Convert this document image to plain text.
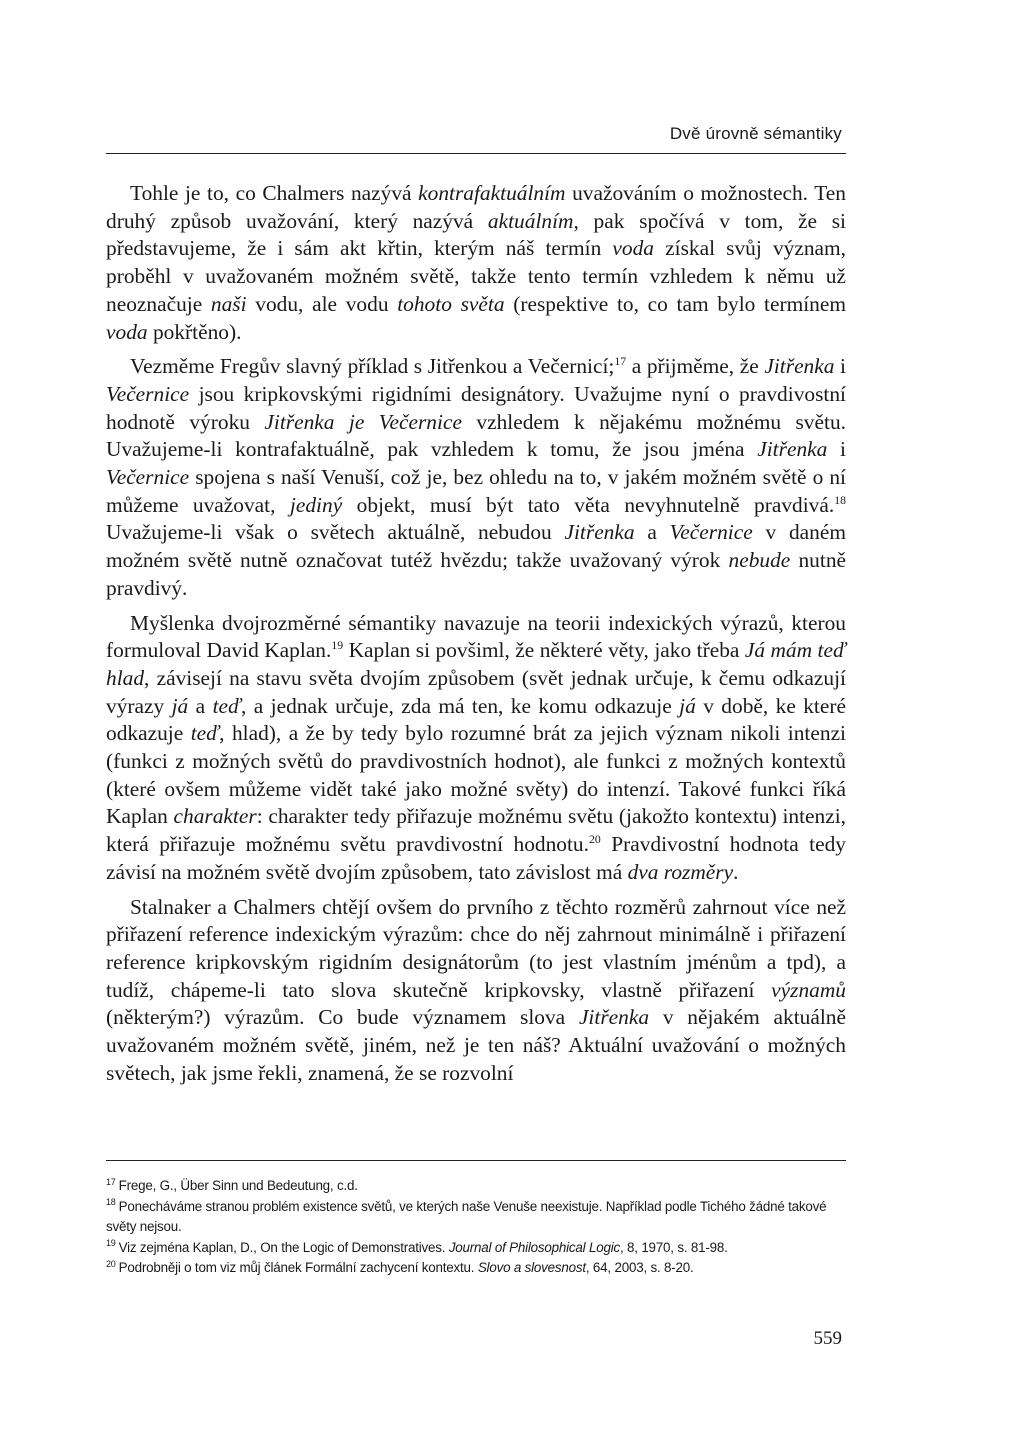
Dvě úrovně sémantiky

Tohle je to, co Chalmers nazývá kontrafaktuálním uvažováním o možnostech. Ten druhý způsob uvažování, který nazývá aktuálním, pak spočívá v tom, že si představujeme, že i sám akt křtin, kterým náš termín voda získal svůj význam, proběhl v uvažovaném možném světě, takže tento termín vzhledem k němu už neoznačuje naši vodu, ale vodu tohoto světa (respektive to, co tam bylo termínem voda pokřtěno).

Vezměme Fregův slavný příklad s Jitřenkou a Večernicí;$^{17}$ a přijměme, že Jitřenka i Večernice jsou kripkovskými rigidními designátory. Uvažujme nyní o pravdivostní hodnotě výroku Jitřenka je Večernice vzhledem k nějakému možnému světu. Uvažujeme-li kontrafaktuálně, pak vzhledem k tomu, že jsou jména Jitřenka i Večernice spojena s naší Venuší, což je, bez ohledu na to, v jakém možném světě o ní můžeme uvažovat, jediný objekt, musí být tato věta nevyhnutelně pravdivá.$^{18}$ Uvažujeme-li však o světech aktuálně, nebudou Jitřenka a Večernice v daném možném světě nutně označovat tutéž hvězdu; takže uvažovaný výrok nebude nutně pravdivý.

Myšlenka dvojrozměrné sémantiky navazuje na teorii indexických výrazů, kterou formuloval David Kaplan.$^{19}$ Kaplan si povšiml, že některé věty, jako třeba Já mám teď hlad, závisejí na stavu světa dvojím způsobem (svět jednak určuje, k čemu odkazují výrazy já a teď, a jednak určuje, zda má ten, ke komu odkazuje já v době, ke které odkazuje teď, hlad), a že by tedy bylo rozumné brát za jejich význam nikoli intenzi (funkci z možných světů do pravdivostních hodnot), ale funkci z možných kontextů (které ovšem můžeme vidět také jako možné světy) do intenzí. Takové funkci říká Kaplan charakter: charakter tedy přiřazuje možnému světu (jakožto kontextu) intenzi, která přiřazuje možnému světu pravdivostní hodnotu.$^{20}$ Pravdivostní hodnota tedy závisí na možném světě dvojím způsobem, tato závislost má dva rozměry.

Stalnaker a Chalmers chtějí ovšem do prvního z těchto rozměrů zahrnout více než přiřazení reference indexickým výrazům: chce do něj zahrnout minimálně i přiřazení reference kripkovským rigidním designátorům (to jest vlastním jménům a tpd), a tudíž, chápeme-li tato slova skutečně kripkovsky, vlastně přiřazení významů (některým?) výrazům. Co bude významem slova Jitřenka v nějakém aktuálně uvažovaném možném světě, jiném, než je ten náš? Aktuální uvažování o možných světech, jak jsme řekli, znamená, že se rozvolní

$^{17}$ Frege, G., Über Sinn und Bedeutung, c.d.

$^{18}$ Ponecháváme stranou problém existence světů, ve kterých naše Venuše neexistuje. Například podle Tichého žádné takové světy nejsou.

$^{19}$ Viz zejména Kaplan, D., On the Logic of Demonstratives. Journal of Philosophical Logic, 8, 1970, s. 81-98.

$^{20}$ Podrobněji o tom viz můj článek Formální zachycení kontextu. Slovo a slovesnost, 64, 2003, s. 8-20.

559
